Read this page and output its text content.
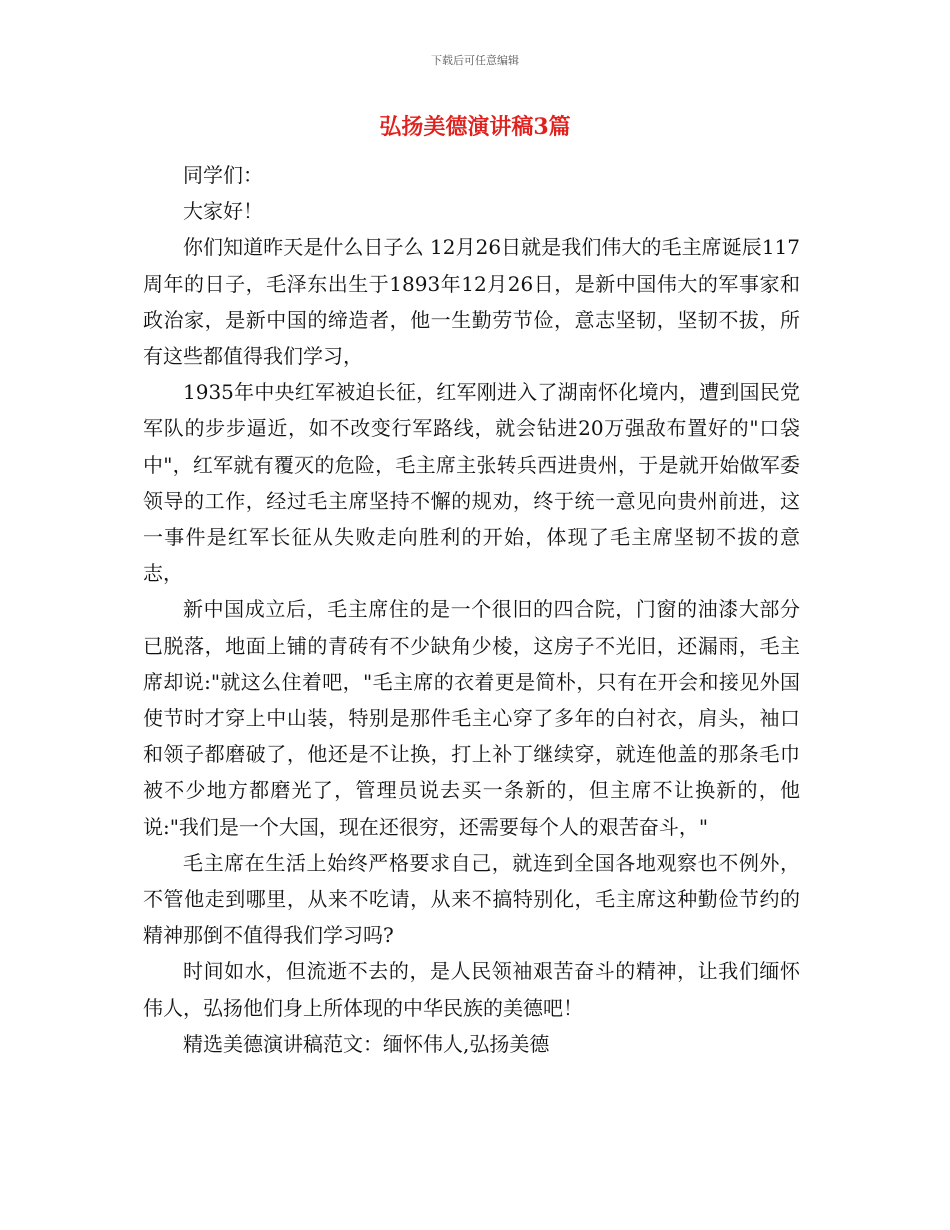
下载后可任意编辑
弘扬美德演讲稿3篇

同学们：

大家好！

你们知道昨天是什么日子么 12月26日就是我们伟大的毛主席诞辰117周年的日子，毛泽东出生于1893年12月26日，是新中国伟大的军事家和政治家，是新中国的缔造者，他一生勤劳节俭，意志坚韧，坚韧不拔，所有这些都值得我们学习，

1935年中央红军被迫长征，红军刚进入了湖南怀化境内，遭到国民党军队的步步逼近，如不改变行军路线，就会钻进20万强敌布置好的"口袋中"，红军就有覆灭的危险，毛主席主张转兵西进贵州，于是就开始做军委领导的工作，经过毛主席坚持不懈的规劝，终于统一意见向贵州前进，这一事件是红军长征从失败走向胜利的开始，体现了毛主席坚韧不拔的意志，

新中国成立后，毛主席住的是一个很旧的四合院，门窗的油漆大部分已脱落，地面上铺的青砖有不少缺角少棱，这房子不光旧，还漏雨，毛主席却说:"就这么住着吧，"毛主席的衣着更是简朴，只有在开会和接见外国使节时才穿上中山装，特别是那件毛主心穿了多年的白衬衣，肩头，袖口和领子都磨破了，他还是不让换，打上补丁继续穿，就连他盖的那条毛巾被不少地方都磨光了，管理员说去买一条新的，但主席不让换新的，他说:"我们是一个大国，现在还很穷，还需要每个人的艰苦奋斗，"

毛主席在生活上始终严格要求自己，就连到全国各地观察也不例外，不管他走到哪里，从来不吃请，从来不搞特别化，毛主席这种勤俭节约的精神那倒不值得我们学习吗?

时间如水，但流逝不去的，是人民领袖艰苦奋斗的精神，让我们缅怀伟人，弘扬他们身上所体现的中华民族的美德吧！

精选美德演讲稿范文：缅怀伟人,弘扬美德
